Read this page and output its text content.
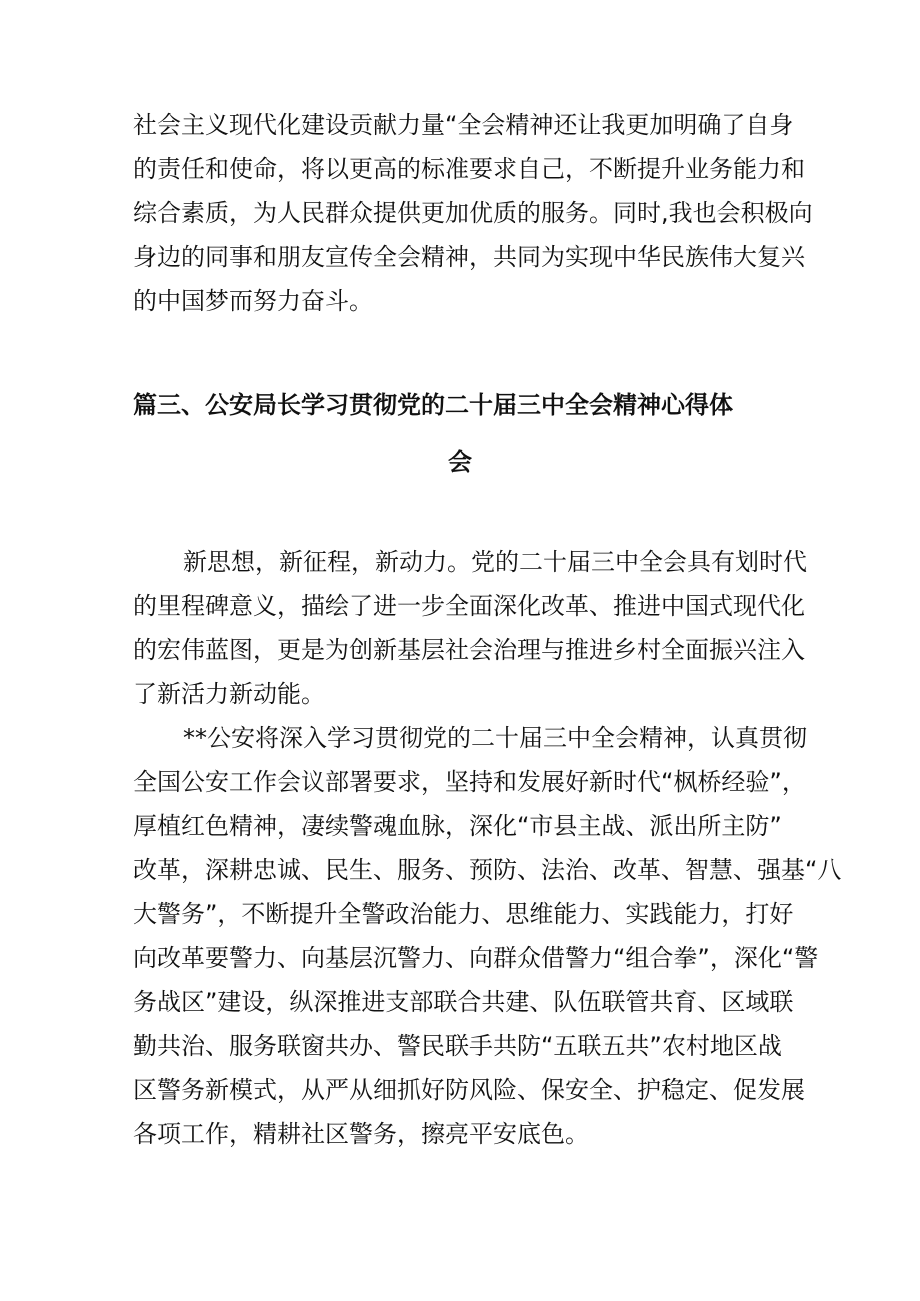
社会主义现代化建设贡献力量“全会精神还让我更加明确了自身
的责任和使命，将以更高的标准要求自己，不断提升业务能力和
综合素质，为人民群众提供更加优质的服务。同时,我也会积极向
身边的同事和朋友宣传全会精神，共同为实现中华民族伟大复兴
的中国梦而努力奋斗。
篇三、公安局长学习贯彻党的二十届三中全会精神心得体
会
新思想，新征程，新动力。党的二十届三中全会具有划时代
的里程碑意义，描绘了进一步全面深化改革、推进中国式现代化
的宏伟蓝图，更是为创新基层社会治理与推进乡村全面振兴注入
了新活力新动能。
**公安将深入学习贯彻党的二十届三中全会精神，认真贯彻
全国公安工作会议部署要求，坚持和发展好新时代“枫桥经验”，
厚植红色精神，凄续警魂血脉，深化“市县主战、派出所主防”
改革，深耕忠诚、民生、服务、预防、法治、改革、智慧、强基“八
大警务”，不断提升全警政治能力、思维能力、实践能力，打好
向改革要警力、向基层沉警力、向群众借警力“组合拳”，深化“警
务战区”建设，纵深推进支部联合共建、队伍联管共育、区域联
勤共治、服务联窗共办、警民联手共防“五联五共”农村地区战
区警务新模式，从严从细抓好防风险、保安全、护稳定、促发展
各项工作，精耕社区警务，擦亮平安底色。
